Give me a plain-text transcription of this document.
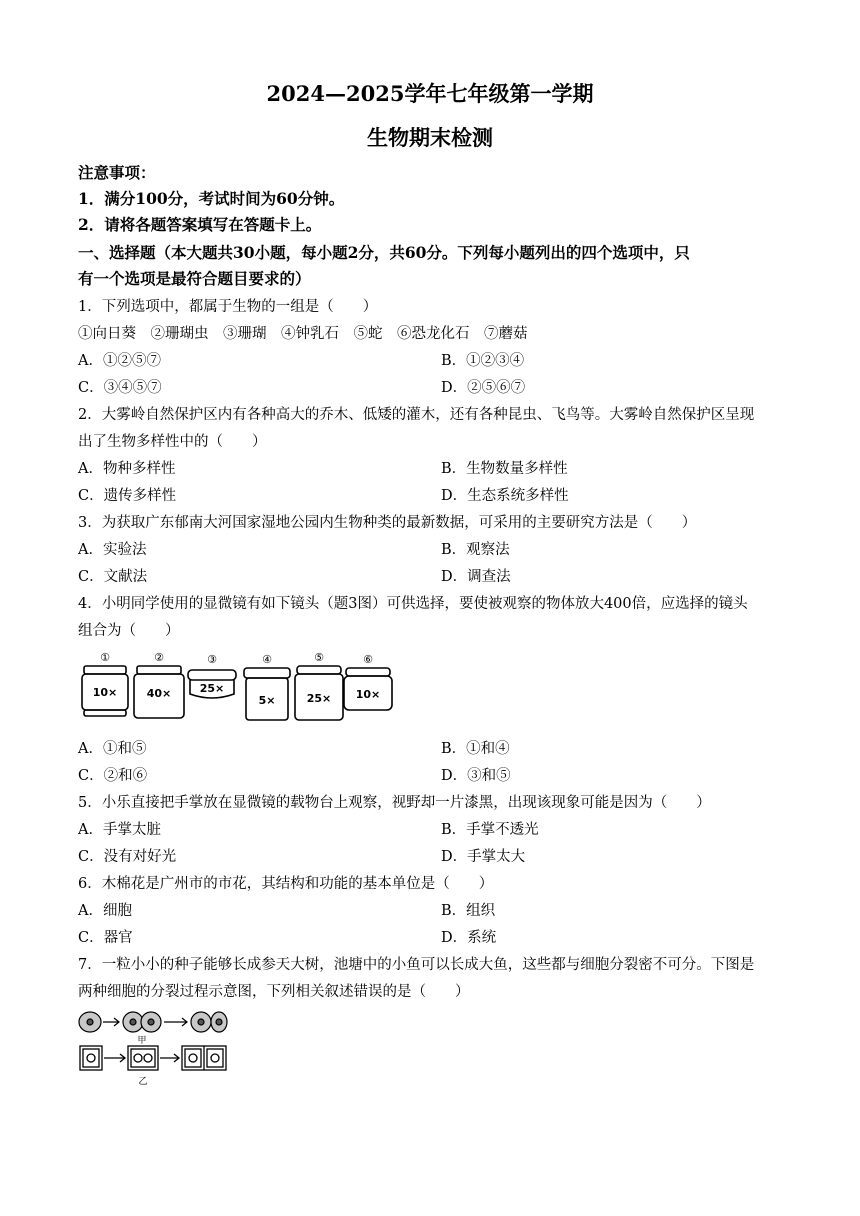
2024—2025学年七年级第一学期
生物期末检测
注意事项：
1．满分100分，考试时间为60分钟。
2．请将各题答案填写在答题卡上。
一、选择题（本大题共30小题，每小题2分，共60分。下列每小题列出的四个选项中，只
有一个选项是最符合题目要求的）
1．下列选项中，都属于生物的一组是（　　）
①向日葵　②珊瑚虫　③珊瑚　④钟乳石　⑤蛇　⑥恐龙化石　⑦蘑菇
A．①②⑤⑦	B．①②③④
C．③④⑤⑦	D．②⑤⑥⑦
2．大雾岭自然保护区内有各种高大的乔木、低矮的灌木，还有各种昆虫、飞鸟等。大雾岭自然保护区呈现
出了生物多样性中的（　　）
A．物种多样性	B．生物数量多样性
C．遗传多样性	D．生态系统多样性
3．为获取广东郁南大河国家湿地公园内生物种类的最新数据，可采用的主要研究方法是（　　）
A．实验法	B．观察法
C．文献法	D．调查法
4．小明同学使用的显微镜有如下镜头（题3图）可供选择，要使被观察的物体放大400倍，应选择的镜头
组合为（　　）
①	②	③	④	⑤	⑥
10×	40×	25×
5×	25× 10×
A．①和⑤	B．①和④
C．②和⑥	D．③和⑤
5．小乐直接把手掌放在显微镜的载物台上观察，视野却一片漆黑，出现该现象可能是因为（　　）
A．手掌太脏	B．手掌不透光
C．没有对好光	D．手掌太大
6．木棉花是广州市的市花，其结构和功能的基本单位是（　　）
A．细胞	B．组织
C．器官	D．系统
7．一粒小小的种子能够长成参天大树，池塘中的小鱼可以长成大鱼，这些都与细胞分裂密不可分。下图是
两种细胞的分裂过程示意图，下列相关叙述错误的是（　　）
甲
乙
